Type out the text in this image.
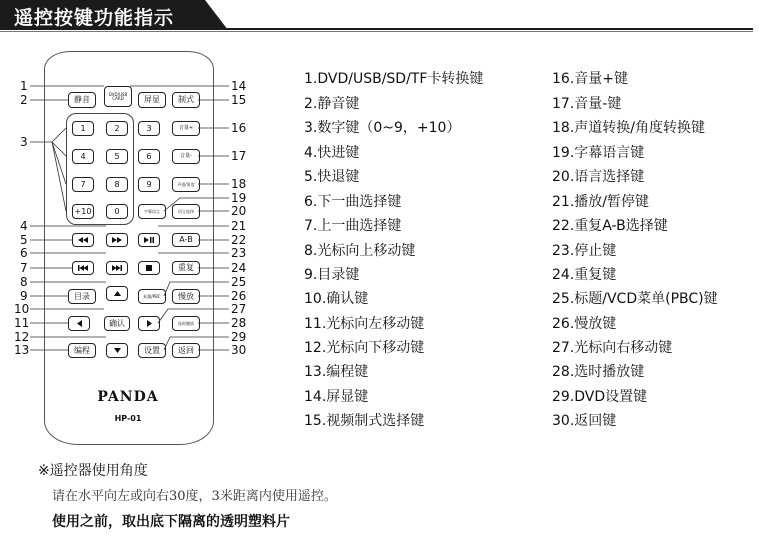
遥控按键功能指示
DVD/USB
CARD
静音	屏显	制式
1	2	3	音量+
4	5	6	音量-
7	8	9	声道/角度
+10	0	字幕语言	语言选择
A-B
重复
目录	标题/PBC	慢放
确认	选时播放
编程	设置	返回
PANDA
HP-01
1
2
3
4
5
6
7
8
9
10
11
12
13
14
15
16
17
18
19
20
21
22
23
24
25
26
27
28
29
30
1.DVD/USB/SD/TF卡转换键
2.静音键
3.数字键（0~9，+10）
4.快进键
5.快退键
6.下一曲选择键
7.上一曲选择键
8.光标向上移动键
9.目录键
10.确认键
11.光标向左移动键
12.光标向下移动键
13.编程键
14.屏显键
15.视频制式选择键
16.音量+键
17.音量-键
18.声道转换/角度转换键
19.字幕语言键
20.语言选择键
21.播放/暂停键
22.重复A-B选择键
23.停止键
24.重复键
25.标题/VCD菜单(PBC)键
26.慢放键
27.光标向右移动键
28.选时播放键
29.DVD设置键
30.返回键
※遥控器使用角度
请在水平向左或向右30度，3米距离内使用遥控。
使用之前，取出底下隔离的透明塑料片
